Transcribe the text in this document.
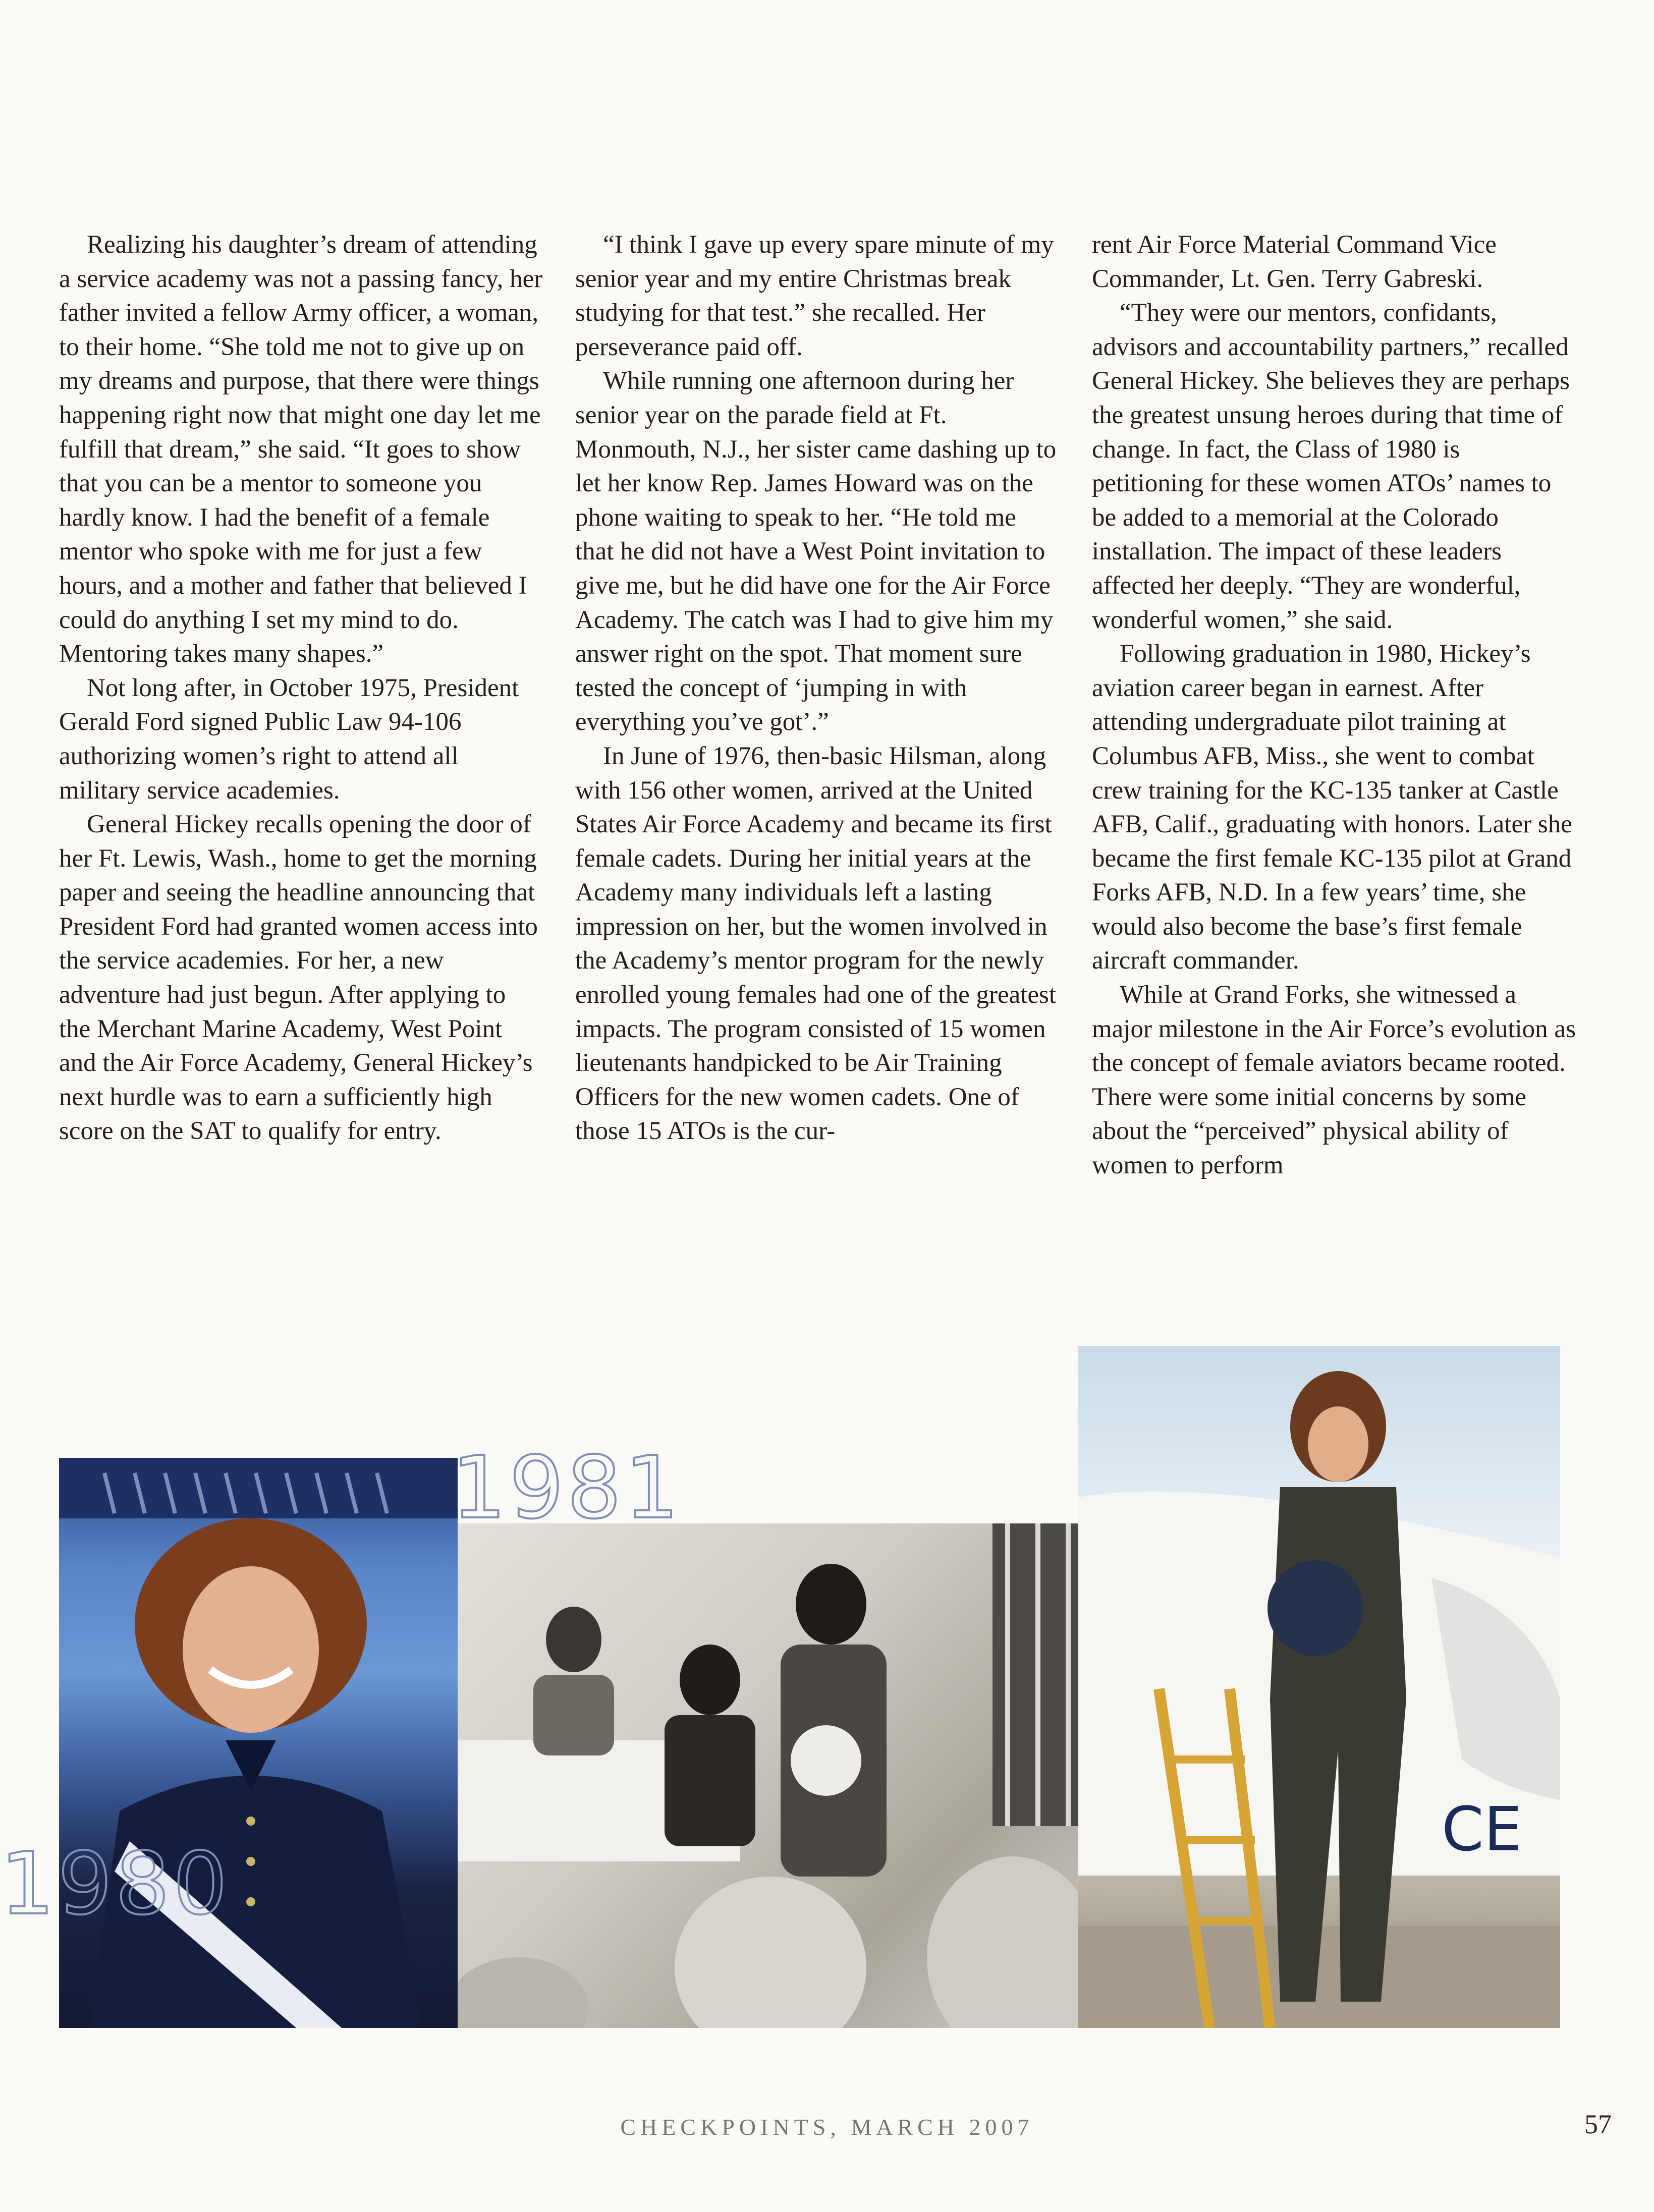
Realizing his daughter’s dream of attending a service academy was not a passing fancy, her father invited a fellow Army officer, a woman, to their home. “She told me not to give up on my dreams and purpose, that there were things happening right now that might one day let me fulfill that dream,” she said. “It goes to show that you can be a mentor to someone you hardly know. I had the benefit of a female mentor who spoke with me for just a few hours, and a mother and father that believed I could do anything I set my mind to do. Mentoring takes many shapes.”

Not long after, in October 1975, President Gerald Ford signed Public Law 94-106 authorizing women’s right to attend all military service academies.

General Hickey recalls opening the door of her Ft. Lewis, Wash., home to get the morning paper and seeing the headline announcing that President Ford had granted women access into the service academies. For her, a new adventure had just begun. After applying to the Merchant Marine Academy, West Point and the Air Force Academy, General Hickey’s next hurdle was to earn a sufficiently high score on the SAT to qualify for entry.

“I think I gave up every spare minute of my senior year and my entire Christmas break studying for that test.” she recalled. Her perseverance paid off.

While running one afternoon during her senior year on the parade field at Ft. Monmouth, N.J., her sister came dashing up to let her know Rep. James Howard was on the phone waiting to speak to her. “He told me that he did not have a West Point invitation to give me, but he did have one for the Air Force Academy. The catch was I had to give him my answer right on the spot. That moment sure tested the concept of ‘jumping in with everything you’ve got’.”

In June of 1976, then-basic Hilsman, along with 156 other women, arrived at the United States Air Force Academy and became its first female cadets. During her initial years at the Academy many individuals left a lasting impression on her, but the women involved in the Academy’s mentor program for the newly enrolled young females had one of the greatest impacts. The program consisted of 15 women lieutenants handpicked to be Air Training Officers for the new women cadets. One of those 15 ATOs is the cur-

rent Air Force Material Command Vice Commander, Lt. Gen. Terry Gabreski.

“They were our mentors, confidants, advisors and accountability partners,” recalled General Hickey. She believes they are perhaps the greatest unsung heroes during that time of change. In fact, the Class of 1980 is petitioning for these women ATOs’ names to be added to a memorial at the Colorado installation. The impact of these leaders affected her deeply. “They are wonderful, wonderful women,” she said.

Following graduation in 1980, Hickey’s aviation career began in earnest. After attending undergraduate pilot training at Columbus AFB, Miss., she went to combat crew training for the KC-135 tanker at Castle AFB, Calif., graduating with honors. Later she became the first female KC-135 pilot at Grand Forks AFB, N.D. In a few years’ time, she would also become the base’s first female aircraft commander.

While at Grand Forks, she witnessed a major milestone in the Air Force’s evolution as the concept of female aviators became rooted. There were some initial concerns by some about the “perceived” physical ability of women to perform

CE
1981
1980
CHECKPOINTS, MARCH 2007	57
